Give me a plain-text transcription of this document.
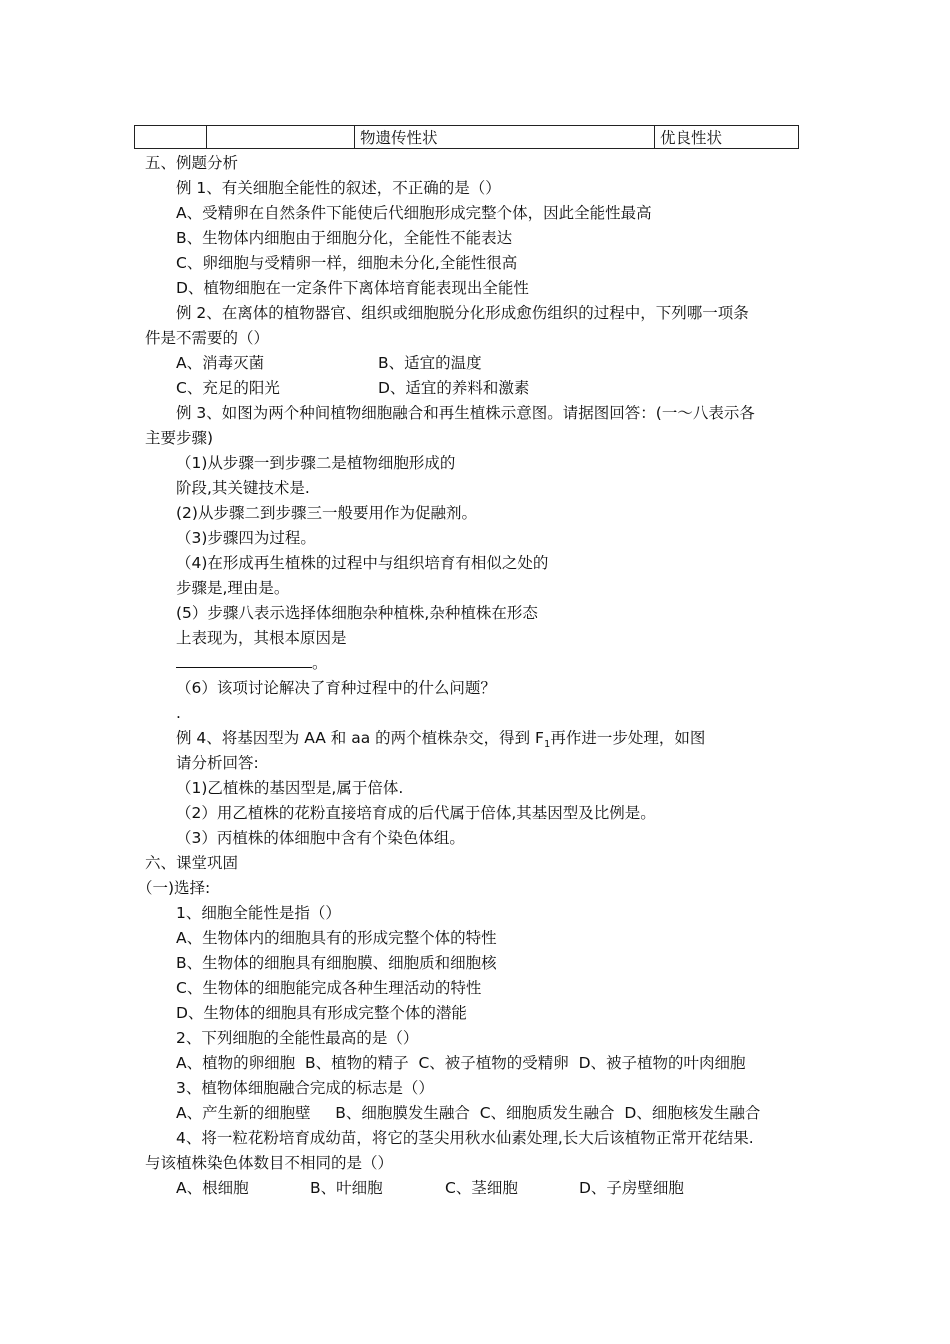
物遗传性状	优良性状
五、例题分析
例 1、有关细胞全能性的叙述，不正确的是（）
A、受精卵在自然条件下能使后代细胞形成完整个体，因此全能性最高
B、生物体内细胞由于细胞分化，全能性不能表达
C、卵细胞与受精卵一样，细胞未分化,全能性很高
D、植物细胞在一定条件下离体培育能表现出全能性
例 2、在离体的植物器官、组织或细胞脱分化形成愈伤组织的过程中，下列哪一项条
件是不需要的（）
A、消毒灭菌	B、适宜的温度
C、充足的阳光	D、适宜的养料和激素
例 3、如图为两个种间植物细胞融合和再生植株示意图。请据图回答：(一～八表示各
主要步骤)
（1)从步骤一到步骤二是植物细胞形成的
阶段,其关键技术是.
(2)从步骤二到步骤三一般要用作为促融剂。
（3)步骤四为过程。
（4)在形成再生植株的过程中与组织培育有相似之处的
步骤是,理由是。
(5）步骤八表示选择体细胞杂种植株,杂种植株在形态
上表现为，其根本原因是
。
（6）该项讨论解决了育种过程中的什么问题？
.
例 4、将基因型为 AA 和 aa 的两个植株杂交，得到 $F_1$再作进一步处理，如图
请分析回答:
（1)乙植株的基因型是,属于倍体.
（2）用乙植株的花粉直接培育成的后代属于倍体,其基因型及比例是。
（3）丙植株的体细胞中含有个染色体组。
六、课堂巩固
（一)选择:
1、细胞全能性是指（）
A、生物体内的细胞具有的形成完整个体的特性
B、生物体的细胞具有细胞膜、细胞质和细胞核
C、生物体的细胞能完成各种生理活动的特性
D、生物体的细胞具有形成完整个体的潜能
2、下列细胞的全能性最高的是（）
A、植物的卵细胞  B、植物的精子  C、被子植物的受精卵  D、被子植物的叶肉细胞
3、植物体细胞融合完成的标志是（）
A、产生新的细胞壁     B、细胞膜发生融合  C、细胞质发生融合  D、细胞核发生融合
4、将一粒花粉培育成幼苗，将它的茎尖用秋水仙素处理,长大后该植物正常开花结果.
与该植株染色体数目不相同的是（）
A、根细胞	B、叶细胞	C、茎细胞	D、子房壁细胞
